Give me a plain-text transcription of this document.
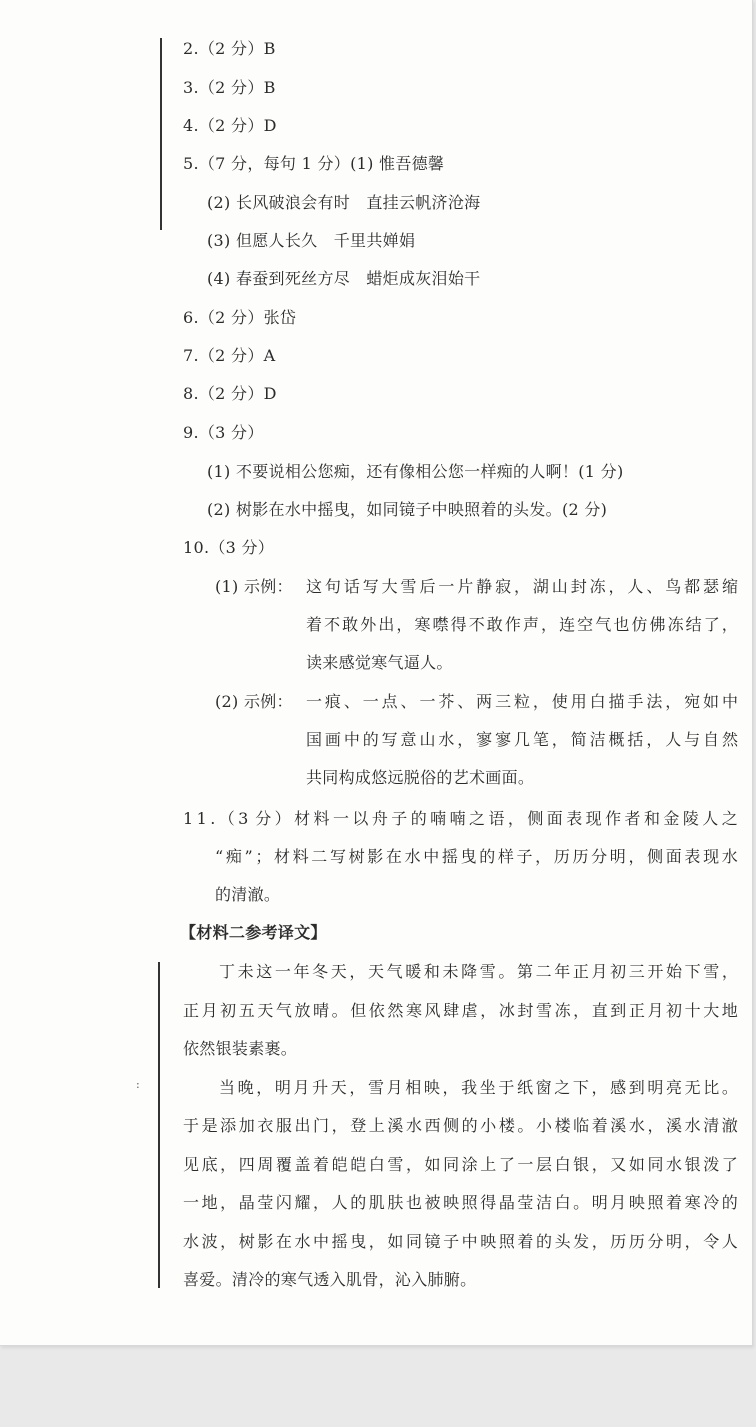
:
2.（2 分）B
3.（2 分）B
4.（2 分）D
5.（7 分，每句 1 分）(1) 惟吾德馨
(2) 长风破浪会有时　直挂云帆济沧海
(3) 但愿人长久　千里共婵娟
(4) 春蚕到死丝方尽　蜡炬成灰泪始干
6.（2 分）张岱
7.（2 分）A
8.（2 分）D
9.（3 分）
(1) 不要说相公您痴，还有像相公您一样痴的人啊！(1 分)
(2) 树影在水中摇曳，如同镜子中映照着的头发。(2 分)
10.（3 分）
(1) 示例： 这 句 话 写 大 雪 后 一 片 静 寂 ， 湖 山 封 冻 ， 人 、 鸟 都 瑟 缩
着 不 敢 外 出 ， 寒 噤 得 不 敢 作 声 ， 连 空 气 也 仿 佛 冻 结 了 ，
读来感觉寒气逼人。
(2) 示例： 一 痕 、 一 点 、 一 芥 、 两 三 粒 ， 使 用 白 描 手 法 ， 宛 如 中
国 画 中 的 写 意 山 水 ， 寥 寥 几 笔 ， 简 洁 概 括 ， 人 与 自 然
共同构成悠远脱俗的艺术画面。
1 1 . （ 3 分 ） 材 料 一 以 舟 子 的 喃 喃 之 语 ， 侧 面 表 现 作 者 和 金 陵 人 之
“ 痴 ” ； 材 料 二 写 树 影 在 水 中 摇 曳 的 样 子 ， 历 历 分 明 ， 侧 面 表 现 水
的清澈。
【材料二参考译文】
丁 未 这 一 年 冬 天 ， 天 气 暖 和 未 降 雪 。 第 二 年 正 月 初 三 开 始 下 雪 ，
正 月 初 五 天 气 放 晴 。 但 依 然 寒 风 肆 虐 ， 冰 封 雪 冻 ， 直 到 正 月 初 十 大 地
依然银装素裹。
当 晚 ， 明 月 升 天 ， 雪 月 相 映 ， 我 坐 于 纸 窗 之 下 ， 感 到 明 亮 无 比 。
于 是 添 加 衣 服 出 门 ， 登 上 溪 水 西 侧 的 小 楼 。 小 楼 临 着 溪 水 ， 溪 水 清 澈
见 底 ， 四 周 覆 盖 着 皑 皑 白 雪 ， 如 同 涂 上 了 一 层 白 银 ， 又 如 同 水 银 泼 了
一 地 ， 晶 莹 闪 耀 ， 人 的 肌 肤 也 被 映 照 得 晶 莹 洁 白 。 明 月 映 照 着 寒 冷 的
水 波 ， 树 影 在 水 中 摇 曳 ， 如 同 镜 子 中 映 照 着 的 头 发 ， 历 历 分 明 ， 令 人
喜爱。清冷的寒气透入肌骨，沁入肺腑。
